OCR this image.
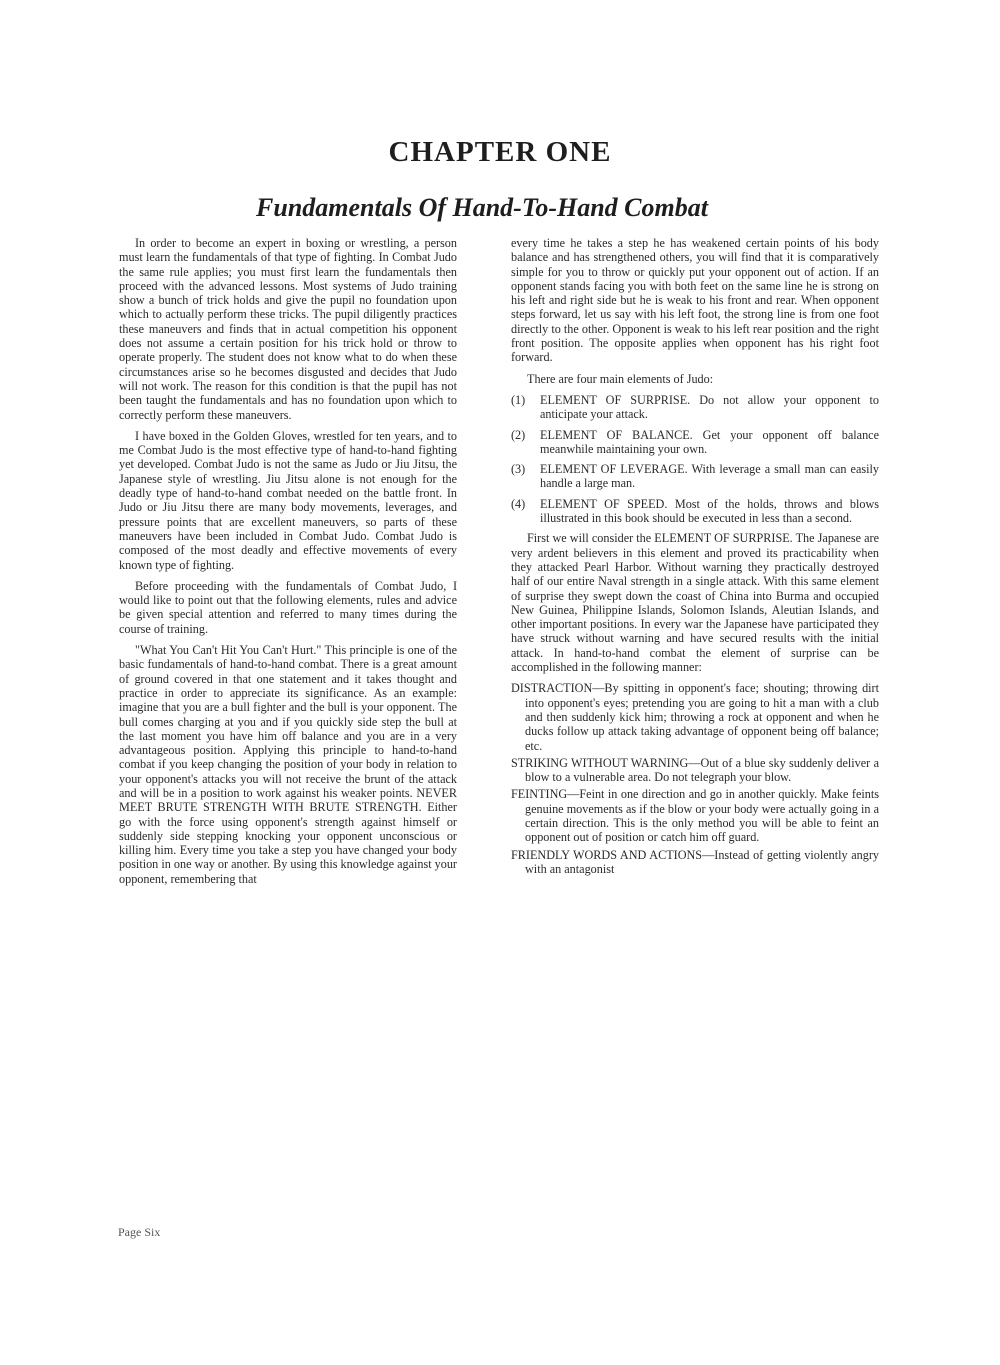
CHAPTER ONE
Fundamentals Of Hand-To-Hand Combat

In order to become an expert in boxing or wrestling, a person must learn the fundamentals of that type of fighting. In Combat Judo the same rule applies; you must first learn the fundamentals then proceed with the advanced lessons. Most systems of Judo training show a bunch of trick holds and give the pupil no foundation upon which to actually perform these tricks. The pupil diligently practices these maneuvers and finds that in actual competition his opponent does not assume a certain position for his trick hold or throw to operate properly. The student does not know what to do when these circumstances arise so he becomes disgusted and decides that Judo will not work. The reason for this condition is that the pupil has not been taught the fundamentals and has no foundation upon which to correctly perform these maneuvers.

I have boxed in the Golden Gloves, wrestled for ten years, and to me Combat Judo is the most effective type of hand-to-hand fighting yet developed. Combat Judo is not the same as Judo or Jiu Jitsu, the Japanese style of wrestling. Jiu Jitsu alone is not enough for the deadly type of hand-to-hand combat needed on the battle front. In Judo or Jiu Jitsu there are many body movements, leverages, and pressure points that are excellent maneuvers, so parts of these maneuvers have been included in Combat Judo. Combat Judo is composed of the most deadly and effective movements of every known type of fighting.

Before proceeding with the fundamentals of Combat Judo, I would like to point out that the following elements, rules and advice be given special attention and referred to many times during the course of training.

"What You Can't Hit You Can't Hurt." This principle is one of the basic fundamentals of hand-to-hand combat. There is a great amount of ground covered in that one statement and it takes thought and practice in order to appreciate its significance. As an example: imagine that you are a bull fighter and the bull is your opponent. The bull comes charging at you and if you quickly side step the bull at the last moment you have him off balance and you are in a very advantageous position. Applying this principle to hand-to-hand combat if you keep changing the position of your body in relation to your opponent's attacks you will not receive the brunt of the attack and will be in a position to work against his weaker points. NEVER MEET BRUTE STRENGTH WITH BRUTE STRENGTH. Either go with the force using opponent's strength against himself or suddenly side stepping knocking your opponent unconscious or killing him. Every time you take a step you have changed your body position in one way or another. By using this knowledge against your opponent, remembering that

every time he takes a step he has weakened certain points of his body balance and has strengthened others, you will find that it is comparatively simple for you to throw or quickly put your opponent out of action. If an opponent stands facing you with both feet on the same line he is strong on his left and right side but he is weak to his front and rear. When opponent steps forward, let us say with his left foot, the strong line is from one foot directly to the other. Opponent is weak to his left rear position and the right front position. The opposite applies when opponent has his right foot forward.

There are four main elements of Judo:

(1) ELEMENT OF SURPRISE. Do not allow your opponent to anticipate your attack.
(2) ELEMENT OF BALANCE. Get your opponent off balance meanwhile maintaining your own.
(3) ELEMENT OF LEVERAGE. With leverage a small man can easily handle a large man.
(4) ELEMENT OF SPEED. Most of the holds, throws and blows illustrated in this book should be executed in less than a second.

First we will consider the ELEMENT OF SURPRISE. The Japanese are very ardent believers in this element and proved its practicability when they attacked Pearl Harbor. Without warning they practically destroyed half of our entire Naval strength in a single attack. With this same element of surprise they swept down the coast of China into Burma and occupied New Guinea, Philippine Islands, Solomon Islands, Aleutian Islands, and other important positions. In every war the Japanese have participated they have struck without warning and have secured results with the initial attack. In hand-to-hand combat the element of surprise can be accomplished in the following manner:

DISTRACTION—By spitting in opponent's face; shouting; throwing dirt into opponent's eyes; pretending you are going to hit a man with a club and then suddenly kick him; throwing a rock at opponent and when he ducks follow up attack taking advantage of opponent being off balance; etc.
STRIKING WITHOUT WARNING—Out of a blue sky suddenly deliver a blow to a vulnerable area. Do not telegraph your blow.
FEINTING—Feint in one direction and go in another quickly. Make feints genuine movements as if the blow or your body were actually going in a certain direction. This is the only method you will be able to feint an opponent out of position or catch him off guard.
FRIENDLY WORDS AND ACTIONS—Instead of getting violently angry with an antagonist
Page Six
